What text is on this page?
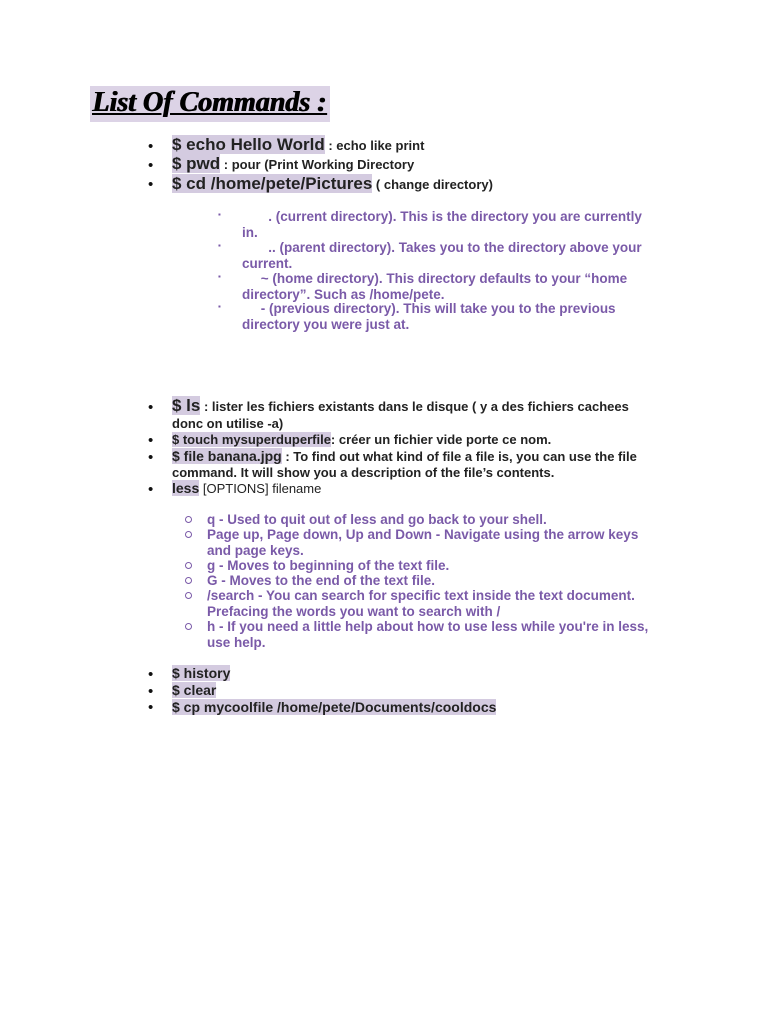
List Of Commands :
• $ echo Hello World : echo like print
• $ pwd : pour (Print Working Directory
• $ cd /home/pete/Pictures ( change directory)
▪ . (current directory). This is the directory you are currently
in.
▪ .. (parent directory). Takes you to the directory above your
current.
▪ ~ (home directory). This directory defaults to your “home
directory”. Such as /home/pete.
▪ - (previous directory). This will take you to the previous
directory you were just at.
• $ ls : lister les fichiers existants dans le disque ( y a des fichiers cachees
donc on utilise -a)
• $ touch mysuperduperfile: créer un fichier vide porte ce nom.
• $ file banana.jpg : To find out what kind of file a file is, you can use the file
command. It will show you a description of the file’s contents.
• less [OPTIONS] filename
q - Used to quit out of less and go back to your shell.
Page up, Page down, Up and Down - Navigate using the arrow keys
and page keys.
g - Moves to beginning of the text file.
G - Moves to the end of the text file.
/search - You can search for specific text inside the text document.
Prefacing the words you want to search with /
h - If you need a little help about how to use less while you're in less,
use help.
• $ history
• $ clear
• $ cp mycoolfile /home/pete/Documents/cooldocs
